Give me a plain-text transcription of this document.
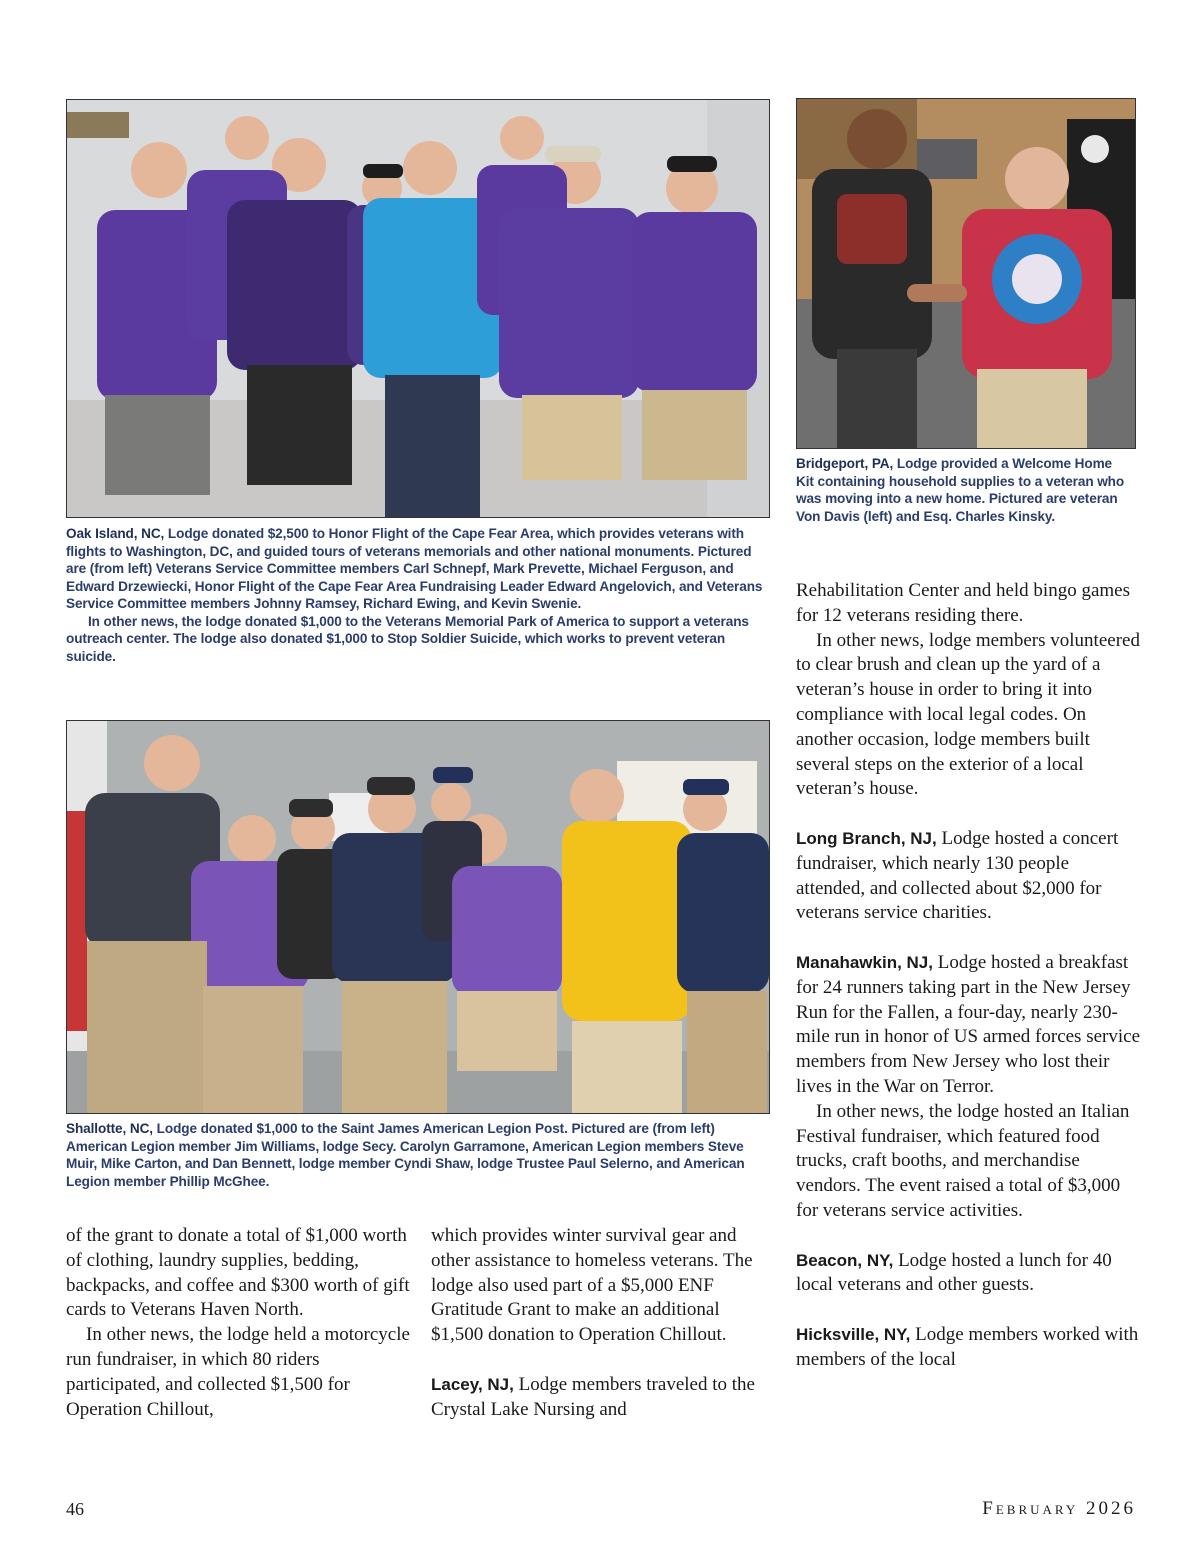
Bridgeport, PA, Lodge provided a Welcome Home Kit containing household supplies to a veteran who was moving into a new home. Pictured are veteran Von Davis (left) and Esq. Charles Kinsky.

Oak Island, NC, Lodge donated $2,500 to Honor Flight of the Cape Fear Area, which provides veterans with flights to Washington, DC, and guided tours of veterans memorials and other national monuments. Pictured are (from left) Veterans Service Committee members Carl Schnepf, Mark Prevette, Michael Ferguson, and Edward Drzewiecki, Honor Flight of the Cape Fear Area Fundraising Leader Edward Angelovich, and Veterans Service Committee members Johnny Ramsey, Richard Ewing, and Kevin Swenie.

In other news, the lodge donated $1,000 to the Veterans Memorial Park of America to support a veterans outreach center. The lodge also donated $1,000 to Stop Soldier Suicide, which works to prevent veteran suicide.

Shallotte, NC, Lodge donated $1,000 to the Saint James American Legion Post. Pictured are (from left) American Legion member Jim Williams, lodge Secy. Carolyn Garramone, American Legion members Steve Muir, Mike Carton, and Dan Bennett, lodge member Cyndi Shaw, lodge Trustee Paul Selerno, and American Legion member Phillip McGhee.

of the grant to donate a total of $1,000 worth of clothing, laundry supplies, bedding, backpacks, and coffee and $300 worth of gift cards to Veterans Haven North.

In other news, the lodge held a motorcycle run fundraiser, in which 80 riders participated, and collected $1,500 for Operation Chillout,

which provides winter survival gear and other assistance to homeless veterans. The lodge also used part of a $5,000 ENF Gratitude Grant to make an additional $1,500 donation to Operation Chillout.

Lacey, NJ, Lodge members traveled to the Crystal Lake Nursing and

Rehabilitation Center and held bingo games for 12 veterans residing there.

In other news, lodge members volunteered to clear brush and clean up the yard of a veteran’s house in order to bring it into compliance with local legal codes. On another occasion, lodge members built several steps on the exterior of a local veteran’s house.

Long Branch, NJ, Lodge hosted a concert fundraiser, which nearly 130 people attended, and collected about $2,000 for veterans service charities.

Manahawkin, NJ, Lodge hosted a breakfast for 24 runners taking part in the New Jersey Run for the Fallen, a four-day, nearly 230-mile run in honor of US armed forces service members from New Jersey who lost their lives in the War on Terror.

In other news, the lodge hosted an Italian Festival fundraiser, which featured food trucks, craft booths, and merchandise vendors. The event raised a total of $3,000 for veterans service activities.

Beacon, NY, Lodge hosted a lunch for 40 local veterans and other guests.

Hicksville, NY, Lodge members worked with members of the local

46	February 2026
